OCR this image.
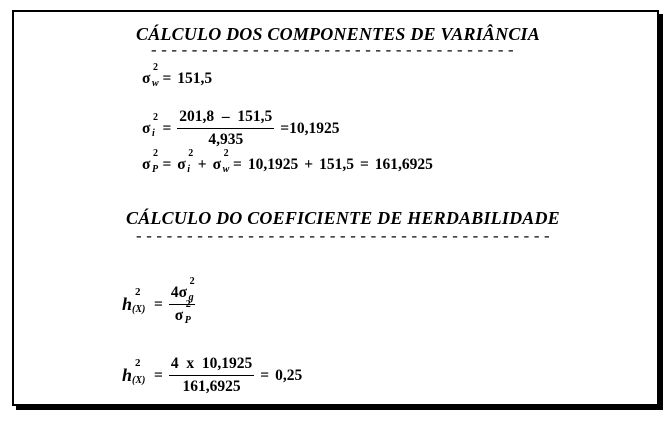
CÁLCULO DOS COMPONENTES DE VARIÂNCIA
------------------------------------
σ
2
w = 151,5
σ
2
$i = \frac{201,8 - 151,5}{4,935} =10,1925$
σ
2
P = σ
2
i + σ
2
w = 10,1925 + 151,5 = 161,6925
CÁLCULO DO COEFICIENTE DE HERDABILIDADE
-----------------------------------------
h
2
(X) = 4σ
2
g
σ
2
P
h
2
$(X) = \frac{4 x 10,1925}{161,6925} = 0,25$
